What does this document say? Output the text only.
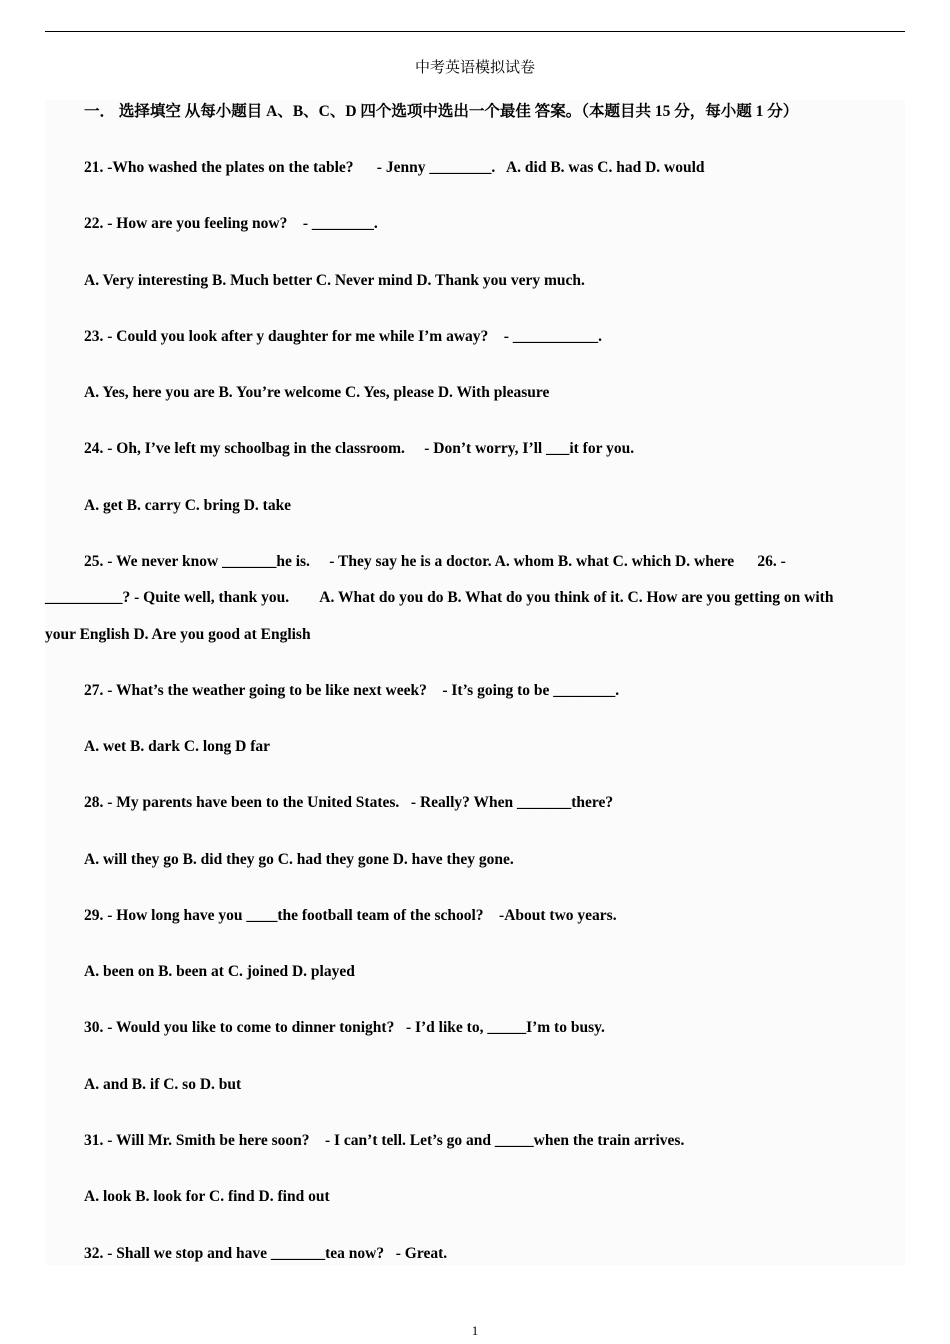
中考英语模拟试卷
一． 选择填空 从每小题目 A、B、C、D 四个选项中选出一个最佳 答案。（本题目共 15 分，每小题 1 分）
21. -Who washed the plates on the table?      - Jenny ________.   A. did B. was C. had D. would
22. - How are you feeling now?    - ________.
A. Very interesting B. Much better C. Never mind D. Thank you very much.
23. - Could you look after y daughter for me while I’m away?    - ___________.
A. Yes, here you are B. You’re welcome C. Yes, please D. With pleasure
24. - Oh, I’ve left my schoolbag in the classroom.     - Don’t worry, I’ll ___it for you.
A. get B. carry C. bring D. take
25. - We never know _______he is.     - They say he is a doctor. A. whom B. what C. which D. where      26. -
__________? - Quite well, thank you.        A. What do you do B. What do you think of it. C. How are you getting on with
your English D. Are you good at English
27. - What’s the weather going to be like next week?    - It’s going to be ________.
A. wet B. dark C. long D far
28. - My parents have been to the United States.   - Really? When _______there?
A. will they go B. did they go C. had they gone D. have they gone.
29. - How long have you ____the football team of the school?    -About two years.
A. been on B. been at C. joined D. played
30. - Would you like to come to dinner tonight?   - I’d like to, _____I’m to busy.
A. and B. if C. so D. but
31. - Will Mr. Smith be here soon?    - I can’t tell. Let’s go and _____when the train arrives.
A. look B. look for C. find D. find out
32. - Shall we stop and have _______tea now?   - Great.
1
